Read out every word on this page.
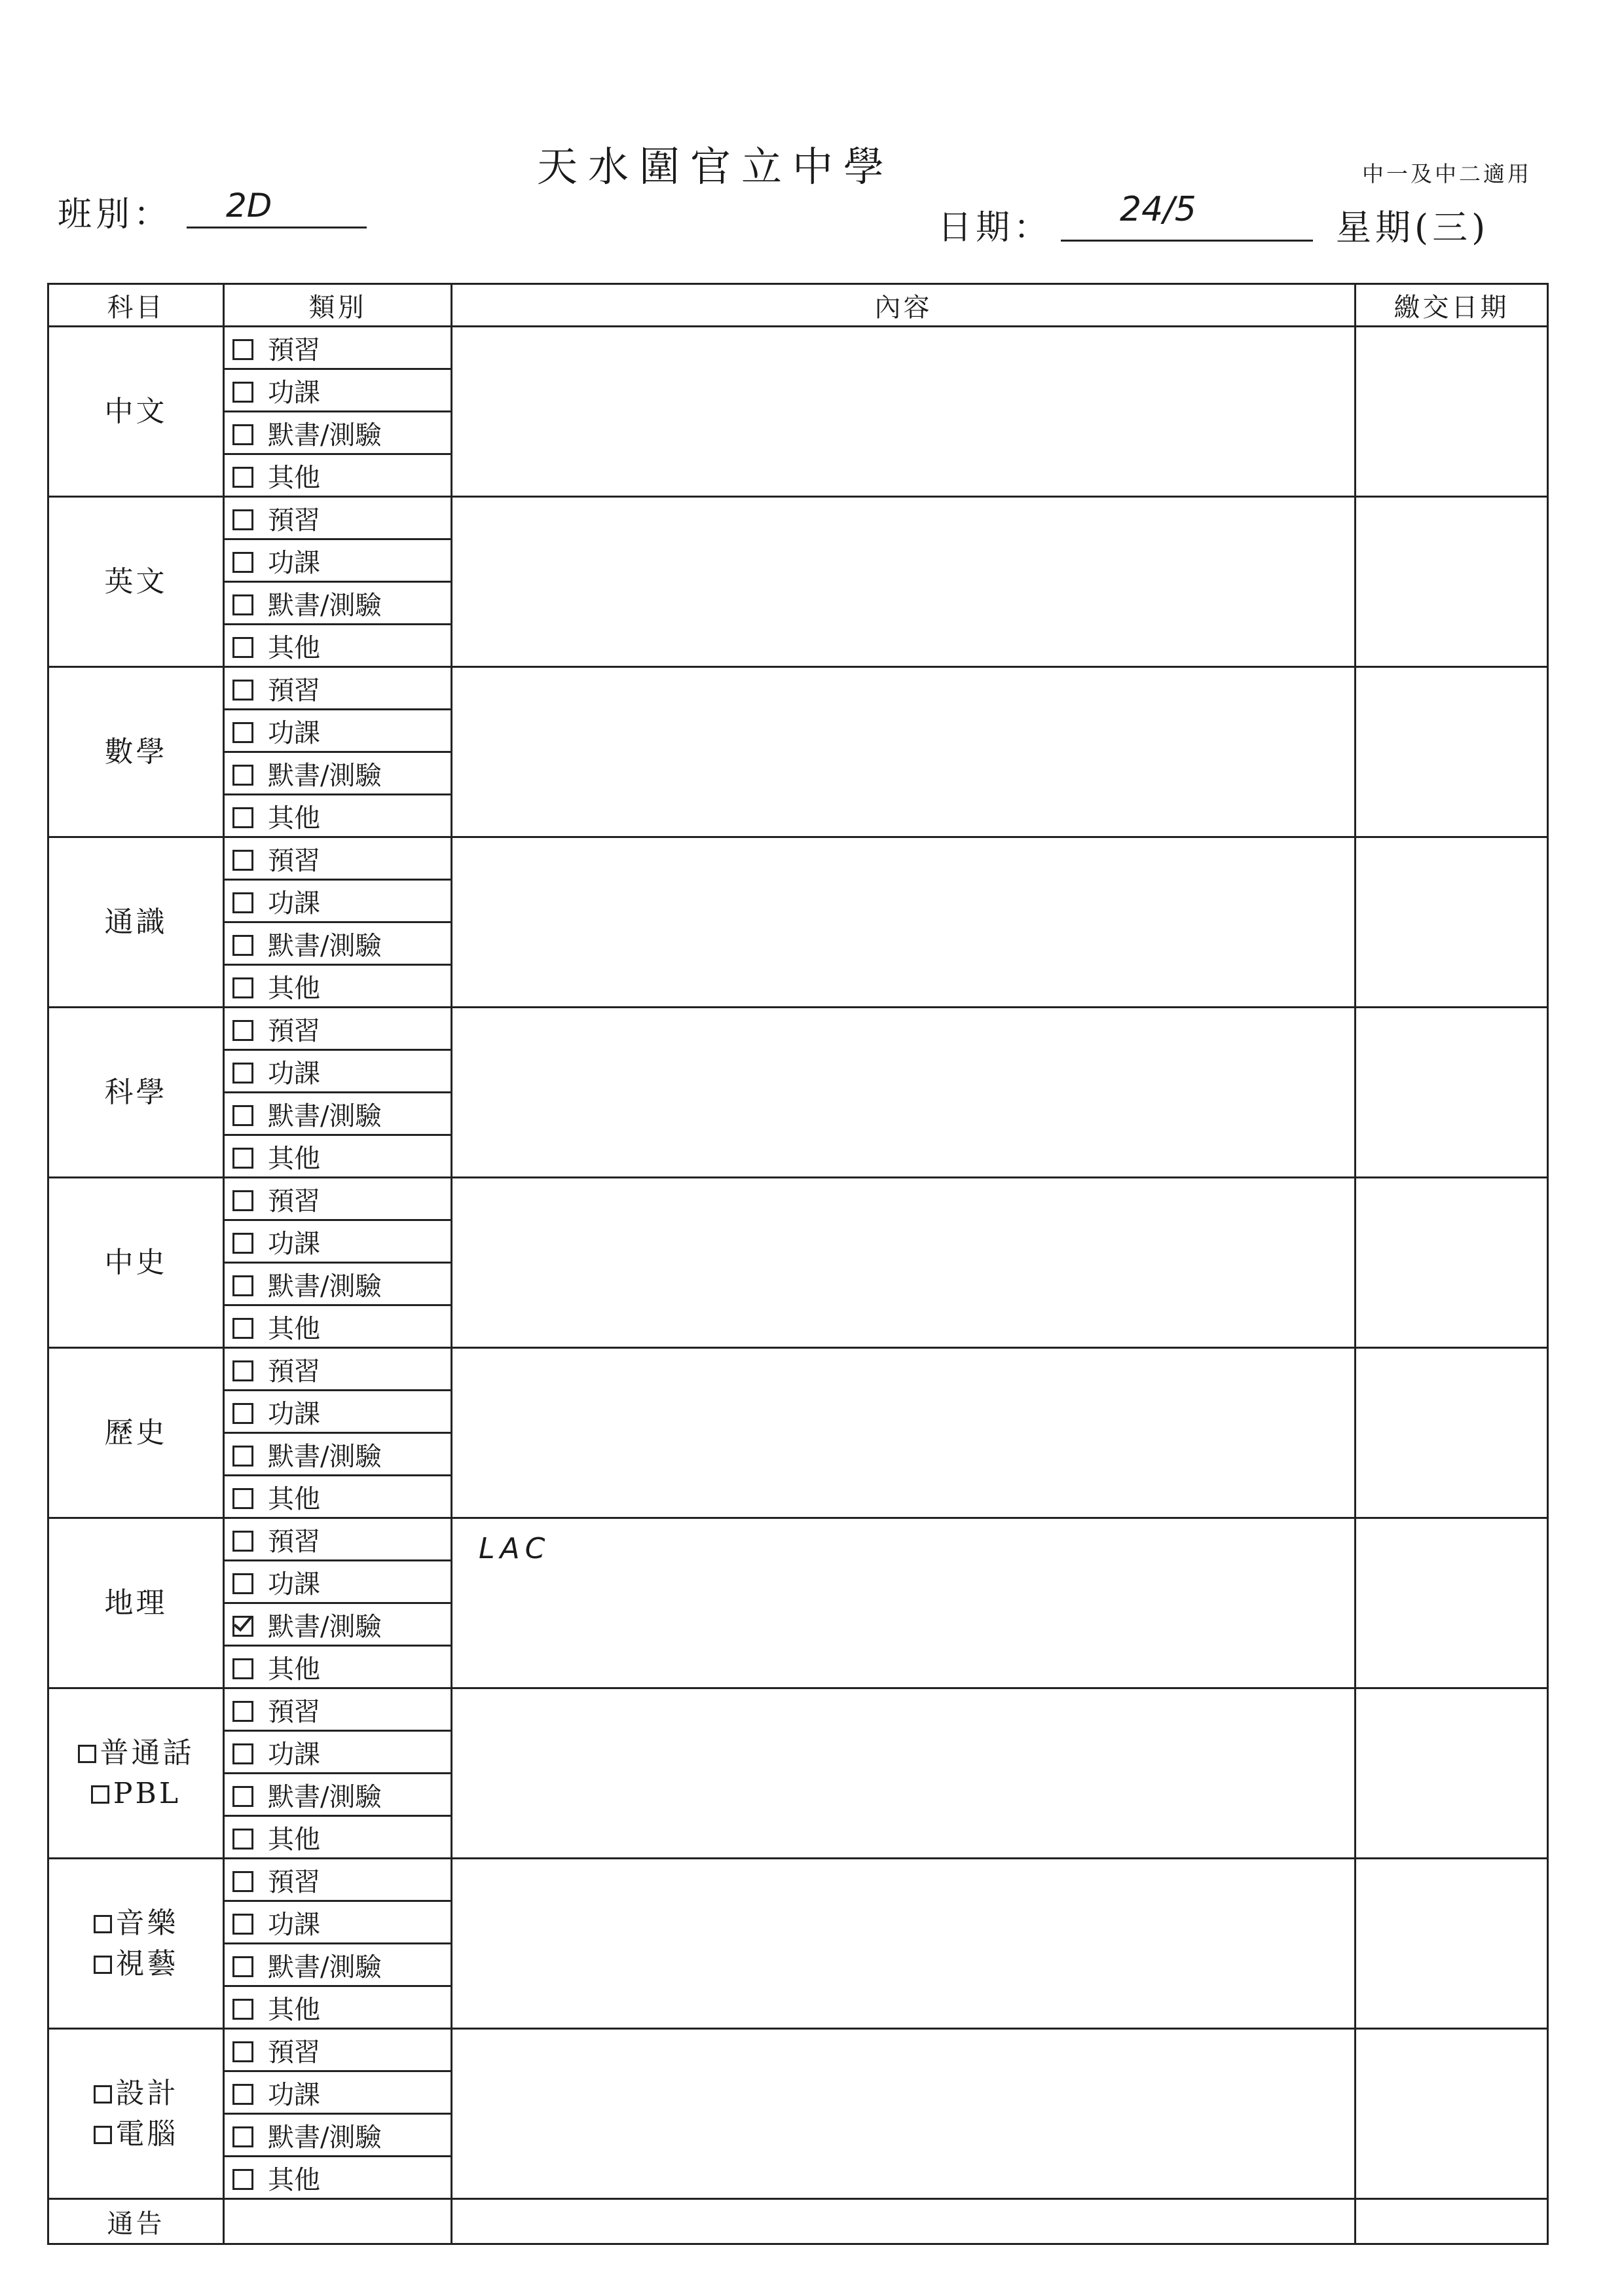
天水圍官立中學	中一及中二適用
班別： 2D
日期： 24/5	星期(三)
科目	類別	內容	繳交日期
中文	預習		
	功課		
	默書/測驗		
	其他		
英文	預習		
	功課		
	默書/測驗		
	其他		
數學	預習		
	功課		
	默書/測驗		
	其他		
通識	預習		
	功課		
	默書/測驗		
	其他		
科學	預習		
	功課		
	默書/測驗		
	其他		
中史	預習		
	功課		
	默書/測驗		
	其他		
歷史	預習		
	功課		
	默書/測驗		
	其他		
地理	預習	LAC	
	功課		
	默書/測驗		
	其他		

普通話
PBL	預習		
	功課		
	默書/測驗		
	其他		

音樂
視藝	預習		
	功課		
	默書/測驗		
	其他		

設計
電腦	預習		
	功課		
	默書/測驗		
	其他		
通告			
